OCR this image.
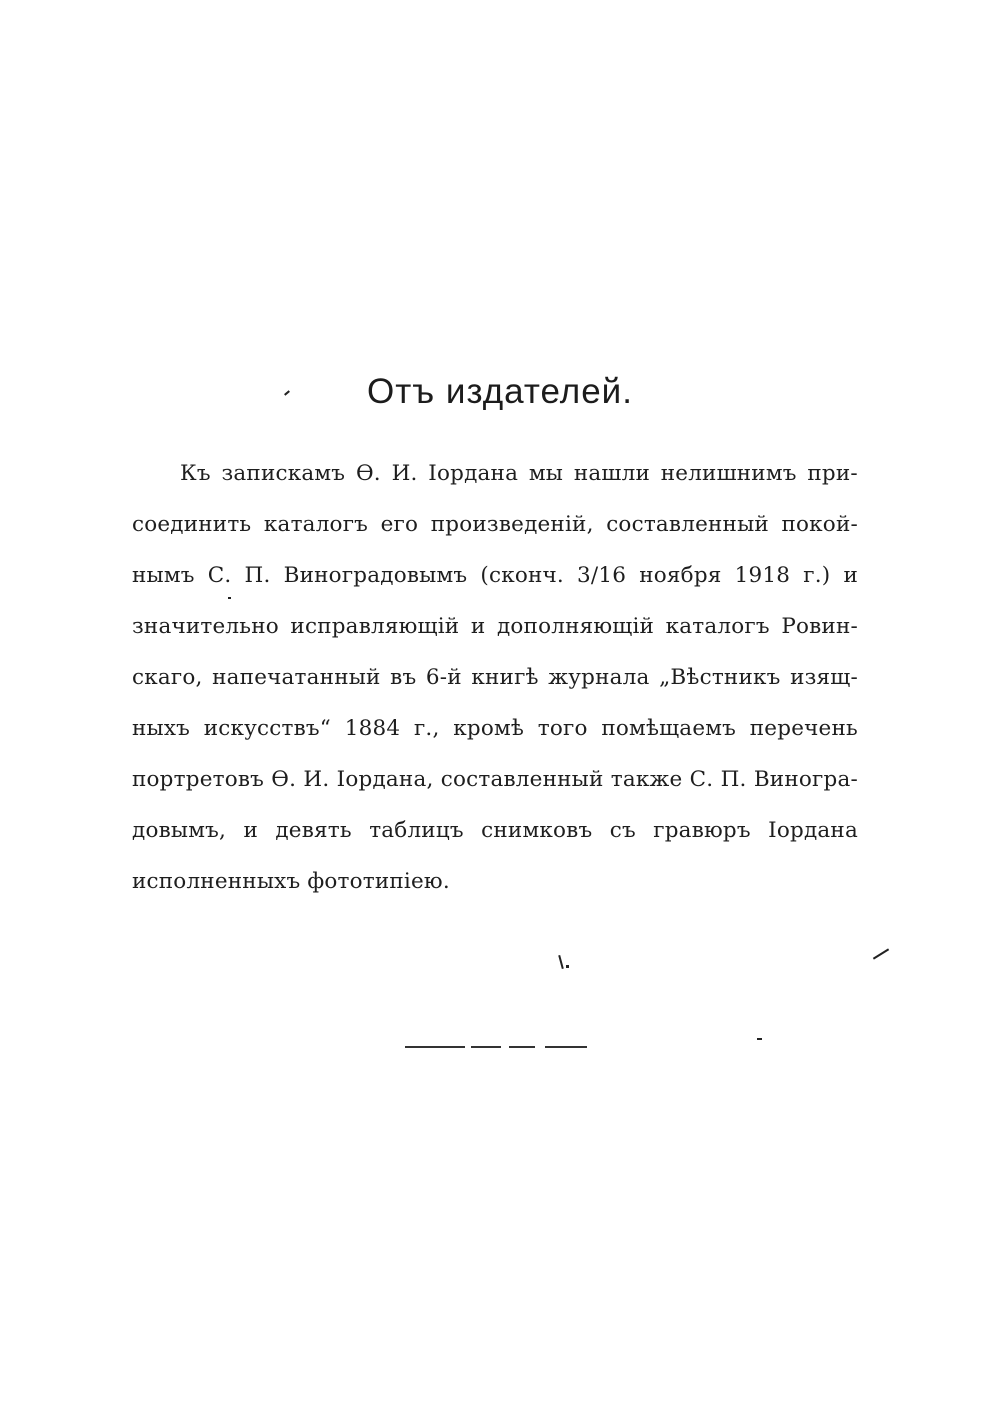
Отъ издателей.
Къ запискамъ Ѳ. И. Іордана мы нашли нелишнимъ при-
соединить каталогъ его произведеній, составленный покой-
нымъ С. П. Виноградовымъ (сконч. 3/16 ноября 1918 г.) и
значительно исправляющій и дополняющій каталогъ Ровин-
скаго, напечатанный въ 6-й книгѣ журнала „Вѣстникъ изящ-
ныхъ искусствъ“ 1884 г., кромѣ того помѣщаемъ перечень
портретовъ Ѳ. И. Іордана, составленный также С. П. Виногра-
довымъ, и девять таблицъ снимковъ съ гравюръ Іордана
исполненныхъ фототипіею.
